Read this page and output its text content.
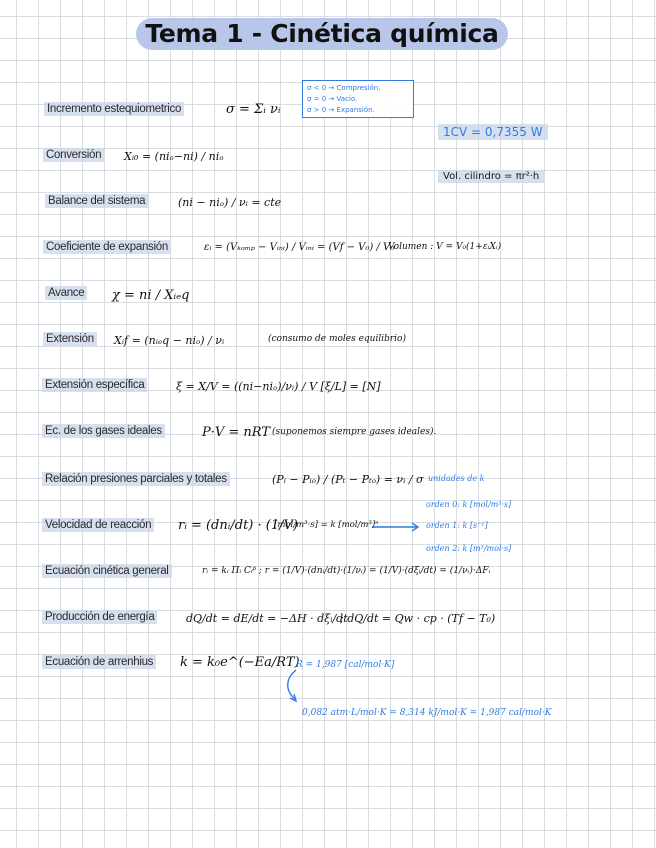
Tema 1 - Cinética química
σ < 0 → Compresión.
σ = 0 → Vacío.
σ > 0 → Expansión.
1CV = 0,7355 W
Vol. cilindro = πr²·h
Incremento estequiometrico	σ = Σᵢ νᵢ
Conversión Xᵢ₀ = (niₒ−ni) / niₒ
Balance del sistema	(ni − niₒ) / νᵢ = cte
Coeficiente de expansión	εᵢ = (Vₖₒₘₚ − Vᵢₙᵢ) / Vᵢₙᵢ = (Vf − V₀) / V₀
Volumen : V = V₀(1+εᵢXᵢ)
Avance χ = ni / Xᵢₑq
Extensión Xᵢf = (nᵢₑq − niₒ) / νᵢ	(consumo de moles equilibrio)
Extensión específica	ξ = X/V = ((ni−niₒ)/νᵢ) / V [ξ/L] = [N]
Ec. de los gases ideales	P·V = nRT (suponemos siempre gases ideales).
Relación presiones parciales y totales	(Pᵢ − Pᵢₒ) / (Pₜ − Pₜₒ) = νᵢ / σ unidades de k
orden 0: k [mol/m³·s]
orden 1: k [s⁻¹]
orden 2: k [m³/mol·s]
Velocidad de reacción rᵢ = (dnᵢ/dt) · (1/V)
[mol/m³·s] = k [mol/m³]ⁿ
Ecuación cinética general	rᵢ = kᵢ Πᵢ Cᵢᵝ ; r = (1/V)·(dnᵢ/dt)·(1/νᵢ) = (1/V)·(dξᵢ/dt) = (1/νᵢ)·ΔFᵢ
Producción de energía	dQ/dt = dE/dt = −ΔH · dξᵢ/dt
; dQ/dt = Qw · cp · (Tf − T₀)
Ecuación de arrenhius k = k₀e^(−Ea/RT)
R = 1,987 [cal/mol·K]
0,082 atm·L/mol·K = 8,314 kJ/mol·K = 1,987 cal/mol·K
